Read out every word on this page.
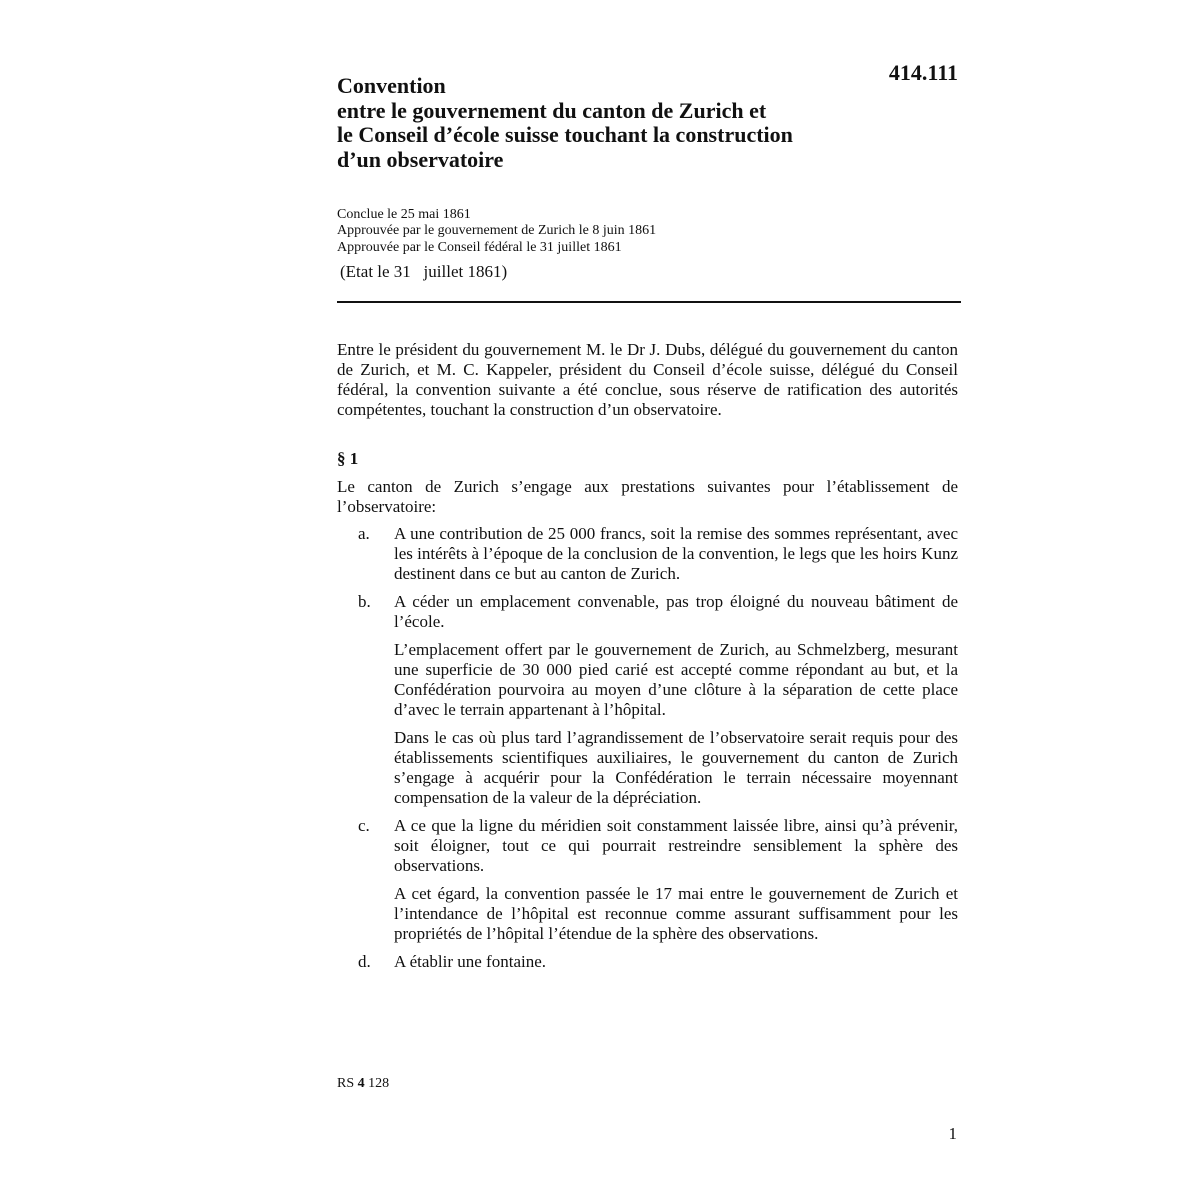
414.111
Convention
entre le gouvernement du canton de Zurich et
le Conseil d’école suisse touchant la construction
d’un observatoire
Conclue le 25 mai 1861
Approuvée par le gouvernement de Zurich le 8 juin 1861
Approuvée par le Conseil fédéral le 31 juillet 1861
(Etat le 31   juillet 1861)

Entre le président du gouvernement M. le Dr J. Dubs, délégué du gouvernement du canton de Zurich, et M. C. Kappeler, président du Conseil d’école suisse, délégué du Conseil fédéral, la convention suivante a été conclue, sous réserve de ratification des autorités compétentes, touchant la construction d’un observatoire.

§ 1

Le canton de Zurich s’engage aux prestations suivantes pour l’établissement de l’observatoire:

a. A une contribution de 25 000 francs, soit la remise des sommes représentant, avec les intérêts à l’époque de la conclusion de la convention, le legs que les hoirs Kunz destinent dans ce but au canton de Zurich.

b. A céder un emplacement convenable, pas trop éloigné du nouveau bâtiment de l’école.

L’emplacement offert par le gouvernement de Zurich, au Schmelzberg, mesurant une superficie de 30 000 pied carié est accepté comme répondant au but, et la Confédération pourvoira au moyen d’une clôture à la séparation de cette place d’avec le terrain appartenant à l’hôpital.

Dans le cas où plus tard l’agrandissement de l’observatoire serait requis pour des établissements scientifiques auxiliaires, le gouvernement du canton de Zurich s’engage à acquérir pour la Confédération le terrain nécessaire moyennant compensation de la valeur de la dépréciation.

c. A ce que la ligne du méridien soit constamment laissée libre, ainsi qu’à prévenir, soit éloigner, tout ce qui pourrait restreindre sensiblement la sphère des observations.

A cet égard, la convention passée le 17 mai entre le gouvernement de Zurich et l’intendance de l’hôpital est reconnue comme assurant suffisamment pour les propriétés de l’hôpital l’étendue de la sphère des observations.

d. A établir une fontaine.

RS 4 128
1
